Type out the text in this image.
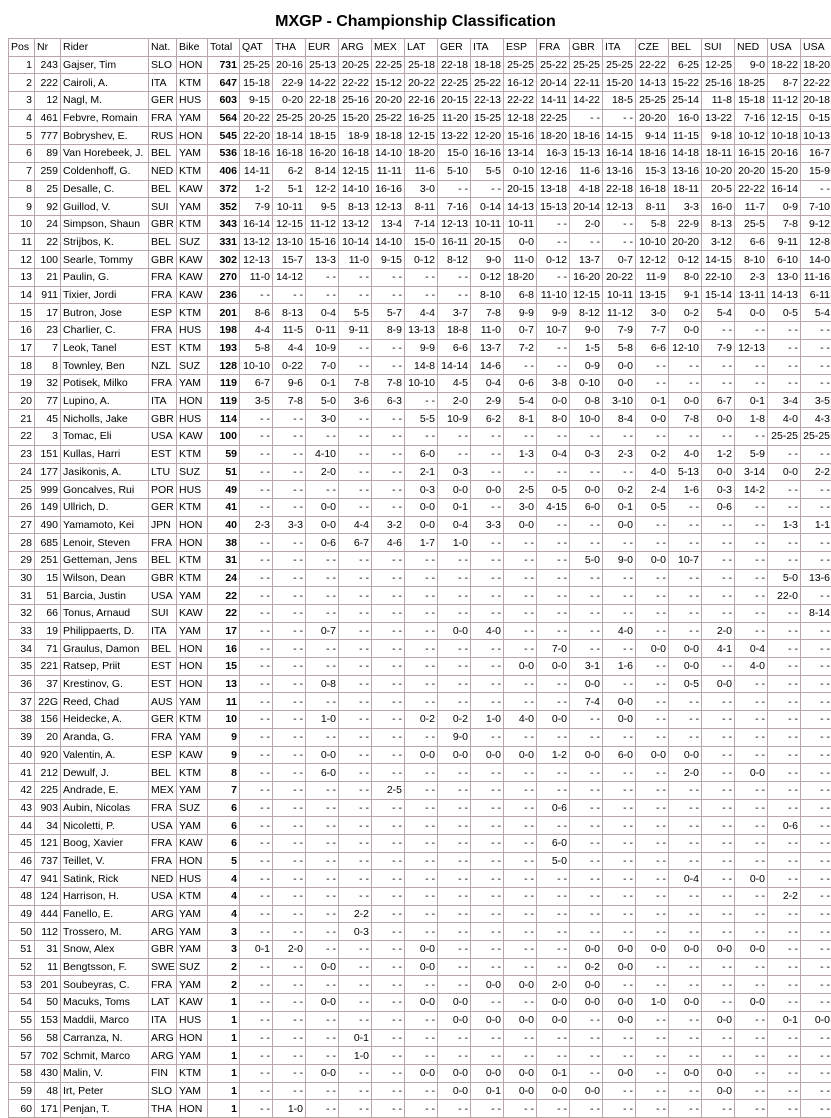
MXGP - Championship Classification
Pos	Nr	Rider	Nat.	Bike	Total	QAT	THA	EUR	ARG	MEX	LAT	GER	ITA	ESP	FRA	GBR	ITA	CZE	BEL	SUI	NED	USA	USA
1	243	Gajser, Tim	SLO	HON	731	25-25	20-16	25-13	20-25	22-25	25-18	22-18	18-18	25-25	25-22	25-25	25-25	22-22	6-25	12-25	9-0	18-22	18-20
2	222	Cairoli, A.	ITA	KTM	647	15-18	22-9	14-22	22-22	15-12	20-22	22-25	25-22	16-12	20-14	22-11	15-20	14-13	15-22	25-16	18-25	8-7	22-22
3	12	Nagl, M.	GER	HUS	603	9-15	0-20	22-18	25-16	20-20	22-16	20-15	22-13	22-22	14-11	14-22	18-5	25-25	25-14	11-8	15-18	11-12	20-18
4	461	Febvre, Romain	FRA	YAM	564	20-22	25-25	20-25	15-20	25-22	16-25	11-20	15-25	12-18	22-25	- -	- -	20-20	16-0	13-22	7-16	12-15	0-15
5	777	Bobryshev, E.	RUS	HON	545	22-20	18-14	18-15	18-9	18-18	12-15	13-22	12-20	15-16	18-20	18-16	14-15	9-14	11-15	9-18	10-12	10-18	10-13
6	89	Van Horebeek, J.	BEL	YAM	536	18-16	16-18	16-20	16-18	14-10	18-20	15-0	16-16	13-14	16-3	15-13	16-14	18-16	14-18	18-11	16-15	20-16	16-7
7	259	Coldenhoff, G.	NED	KTM	406	14-11	6-2	8-14	12-15	11-11	11-6	5-10	5-5	0-10	12-16	11-6	13-16	15-3	13-16	10-20	20-20	15-20	15-9
8	25	Desalle, C.	BEL	KAW	372	1-2	5-1	12-2	14-10	16-16	3-0	- -	- -	20-15	13-18	4-18	22-18	16-18	18-11	20-5	22-22	16-14	- -
9	92	Guillod, V.	SUI	YAM	352	7-9	10-11	9-5	8-13	12-13	8-11	7-16	0-14	14-13	15-13	20-14	12-13	8-11	3-3	16-0	11-7	0-9	7-10
10	24	Simpson, Shaun	GBR	KTM	343	16-14	12-15	11-12	13-12	13-4	7-14	12-13	10-11	10-11	- -	2-0	- -	5-8	22-9	8-13	25-5	7-8	9-12
11	22	Strijbos, K.	BEL	SUZ	331	13-12	13-10	15-16	10-14	14-10	15-0	16-11	20-15	0-0	- -	- -	- -	10-10	20-20	3-12	6-6	9-11	12-8
12	100	Searle, Tommy	GBR	KAW	302	12-13	15-7	13-3	11-0	9-15	0-12	8-12	9-0	11-0	0-12	13-7	0-7	12-12	0-12	14-15	8-10	6-10	14-0
13	21	Paulin, G.	FRA	KAW	270	11-0	14-12	- -	- -	- -	- -	- -	0-12	18-20	- -	16-20	20-22	11-9	8-0	22-10	2-3	13-0	11-16
14	911	Tixier, Jordi	FRA	KAW	236	- -	- -	- -	- -	- -	- -	- -	8-10	6-8	11-10	12-15	10-11	13-15	9-1	15-14	13-11	14-13	6-11
15	17	Butron, Jose	ESP	KTM	201	8-6	8-13	0-4	5-5	5-7	4-4	3-7	7-8	9-9	9-9	8-12	11-12	3-0	0-2	5-4	0-0	0-5	5-4
16	23	Charlier, C.	FRA	HUS	198	4-4	11-5	0-11	9-11	8-9	13-13	18-8	11-0	0-7	10-7	9-0	7-9	7-7	0-0	- -	- -	- -	- -
17	7	Leok, Tanel	EST	KTM	193	5-8	4-4	10-9	- -	- -	9-9	6-6	13-7	7-2	- -	1-5	5-8	6-6	12-10	7-9	12-13	- -	- -
18	8	Townley, Ben	NZL	SUZ	128	10-10	0-22	7-0	- -	- -	14-8	14-14	14-6	- -	- -	0-9	0-0	- -	- -	- -	- -	- -	- -
19	32	Potisek, Milko	FRA	YAM	119	6-7	9-6	0-1	7-8	7-8	10-10	4-5	0-4	0-6	3-8	0-10	0-0	- -	- -	- -	- -	- -	- -
20	77	Lupino, A.	ITA	HON	119	3-5	7-8	5-0	3-6	6-3	- -	2-0	2-9	5-4	0-0	0-8	3-10	0-1	0-0	6-7	0-1	3-4	3-5
21	45	Nicholls, Jake	GBR	HUS	114	- -	- -	3-0	- -	- -	5-5	10-9	6-2	8-1	8-0	10-0	8-4	0-0	7-8	0-0	1-8	4-0	4-3
22	3	Tomac, Eli	USA	KAW	100	- -	- -	- -	- -	- -	- -	- -	- -	- -	- -	- -	- -	- -	- -	- -	- -	25-25	25-25
23	151	Kullas, Harri	EST	KTM	59	- -	- -	4-10	- -	- -	6-0	- -	- -	1-3	0-4	0-3	2-3	0-2	4-0	1-2	5-9	- -	- -
24	177	Jasikonis, A.	LTU	SUZ	51	- -	- -	2-0	- -	- -	2-1	0-3	- -	- -	- -	- -	- -	4-0	5-13	0-0	3-14	0-0	2-2
25	999	Goncalves, Rui	POR	HUS	49	- -	- -	- -	- -	- -	0-3	0-0	0-0	2-5	0-5	0-0	0-2	2-4	1-6	0-3	14-2	- -	- -
26	149	Ullrich, D.	GER	KTM	41	- -	- -	0-0	- -	- -	0-0	0-1	- -	3-0	4-15	6-0	0-1	0-5	- -	0-6	- -	- -	- -
27	490	Yamamoto, Kei	JPN	HON	40	2-3	3-3	0-0	4-4	3-2	0-0	0-4	3-3	0-0	- -	- -	0-0	- -	- -	- -	- -	1-3	1-1
28	685	Lenoir, Steven	FRA	HON	38	- -	- -	0-6	6-7	4-6	1-7	1-0	- -	- -	- -	- -	- -	- -	- -	- -	- -	- -	- -
29	251	Getteman, Jens	BEL	KTM	31	- -	- -	- -	- -	- -	- -	- -	- -	- -	- -	5-0	9-0	0-0	10-7	- -	- -	- -	- -
30	15	Wilson, Dean	GBR	KTM	24	- -	- -	- -	- -	- -	- -	- -	- -	- -	- -	- -	- -	- -	- -	- -	- -	5-0	13-6
31	51	Barcia, Justin	USA	YAM	22	- -	- -	- -	- -	- -	- -	- -	- -	- -	- -	- -	- -	- -	- -	- -	- -	22-0	- -
32	66	Tonus, Arnaud	SUI	KAW	22	- -	- -	- -	- -	- -	- -	- -	- -	- -	- -	- -	- -	- -	- -	- -	- -	- -	8-14
33	19	Philippaerts, D.	ITA	YAM	17	- -	- -	0-7	- -	- -	- -	0-0	4-0	- -	- -	- -	4-0	- -	- -	2-0	- -	- -	- -
34	71	Graulus, Damon	BEL	HON	16	- -	- -	- -	- -	- -	- -	- -	- -	- -	7-0	- -	- -	0-0	0-0	4-1	0-4	- -	- -
35	221	Ratsep, Priit	EST	HON	15	- -	- -	- -	- -	- -	- -	- -	- -	0-0	0-0	3-1	1-6	- -	0-0	- -	4-0	- -	- -
36	37	Krestinov, G.	EST	HON	13	- -	- -	0-8	- -	- -	- -	- -	- -	- -	- -	0-0	- -	- -	0-5	0-0	- -	- -	- -
37	22G	Reed, Chad	AUS	YAM	11	- -	- -	- -	- -	- -	- -	- -	- -	- -	- -	7-4	0-0	- -	- -	- -	- -	- -	- -
38	156	Heidecke, A.	GER	KTM	10	- -	- -	1-0	- -	- -	0-2	0-2	1-0	4-0	0-0	- -	0-0	- -	- -	- -	- -	- -	- -
39	20	Aranda, G.	FRA	YAM	9	- -	- -	- -	- -	- -	- -	9-0	- -	- -	- -	- -	- -	- -	- -	- -	- -	- -	- -
40	920	Valentin, A.	ESP	KAW	9	- -	- -	0-0	- -	- -	0-0	0-0	0-0	0-0	1-2	0-0	6-0	0-0	0-0	- -	- -	- -	- -
41	212	Dewulf, J.	BEL	KTM	8	- -	- -	6-0	- -	- -	- -	- -	- -	- -	- -	- -	- -	- -	2-0	- -	0-0	- -	- -
42	225	Andrade, E.	MEX	YAM	7	- -	- -	- -	- -	2-5	- -	- -	- -	- -	- -	- -	- -	- -	- -	- -	- -	- -	- -
43	903	Aubin, Nicolas	FRA	SUZ	6	- -	- -	- -	- -	- -	- -	- -	- -	- -	0-6	- -	- -	- -	- -	- -	- -	- -	- -
44	34	Nicoletti, P.	USA	YAM	6	- -	- -	- -	- -	- -	- -	- -	- -	- -	- -	- -	- -	- -	- -	- -	- -	0-6	- -
45	121	Boog, Xavier	FRA	KAW	6	- -	- -	- -	- -	- -	- -	- -	- -	- -	6-0	- -	- -	- -	- -	- -	- -	- -	- -
46	737	Teillet, V.	FRA	HON	5	- -	- -	- -	- -	- -	- -	- -	- -	- -	5-0	- -	- -	- -	- -	- -	- -	- -	- -
47	941	Satink, Rick	NED	HUS	4	- -	- -	- -	- -	- -	- -	- -	- -	- -	- -	- -	- -	- -	0-4	- -	0-0	- -	- -
48	124	Harrison, H.	USA	KTM	4	- -	- -	- -	- -	- -	- -	- -	- -	- -	- -	- -	- -	- -	- -	- -	- -	2-2	- -
49	444	Fanello, E.	ARG	YAM	4	- -	- -	- -	2-2	- -	- -	- -	- -	- -	- -	- -	- -	- -	- -	- -	- -	- -	- -
50	112	Trossero, M.	ARG	YAM	3	- -	- -	- -	0-3	- -	- -	- -	- -	- -	- -	- -	- -	- -	- -	- -	- -	- -	- -
51	31	Snow, Alex	GBR	YAM	3	0-1	2-0	- -	- -	- -	0-0	- -	- -	- -	- -	0-0	0-0	0-0	0-0	0-0	0-0	- -	- -
52	11	Bengtsson, F.	SWE	SUZ	2	- -	- -	0-0	- -	- -	0-0	- -	- -	- -	- -	0-2	0-0	- -	- -	- -	- -	- -	- -
53	201	Soubeyras, C.	FRA	YAM	2	- -	- -	- -	- -	- -	- -	- -	0-0	0-0	2-0	0-0	- -	- -	- -	- -	- -	- -	- -
54	50	Macuks, Toms	LAT	KAW	1	- -	- -	0-0	- -	- -	0-0	0-0	- -	- -	0-0	0-0	0-0	1-0	0-0	- -	0-0	- -	- -
55	153	Maddii, Marco	ITA	HUS	1	- -	- -	- -	- -	- -	- -	0-0	0-0	0-0	0-0	- -	0-0	- -	- -	0-0	- -	0-1	0-0
56	58	Carranza, N.	ARG	HON	1	- -	- -	- -	0-1	- -	- -	- -	- -	- -	- -	- -	- -	- -	- -	- -	- -	- -	- -
57	702	Schmit, Marco	ARG	YAM	1	- -	- -	- -	1-0	- -	- -	- -	- -	- -	- -	- -	- -	- -	- -	- -	- -	- -	- -
58	430	Malin, V.	FIN	KTM	1	- -	- -	0-0	- -	- -	0-0	0-0	0-0	0-0	0-1	- -	0-0	- -	0-0	0-0	- -	- -	- -
59	48	Irt, Peter	SLO	YAM	1	- -	- -	- -	- -	- -	- -	0-0	0-1	0-0	0-0	0-0	- -	- -	- -	0-0	- -	- -	- -
60	171	Penjan, T.	THA	HON	1	- -	1-0	- -	- -	- -	- -	- -	- -	- -	- -	- -	- -	- -	- -	- -	- -	- -	- -
